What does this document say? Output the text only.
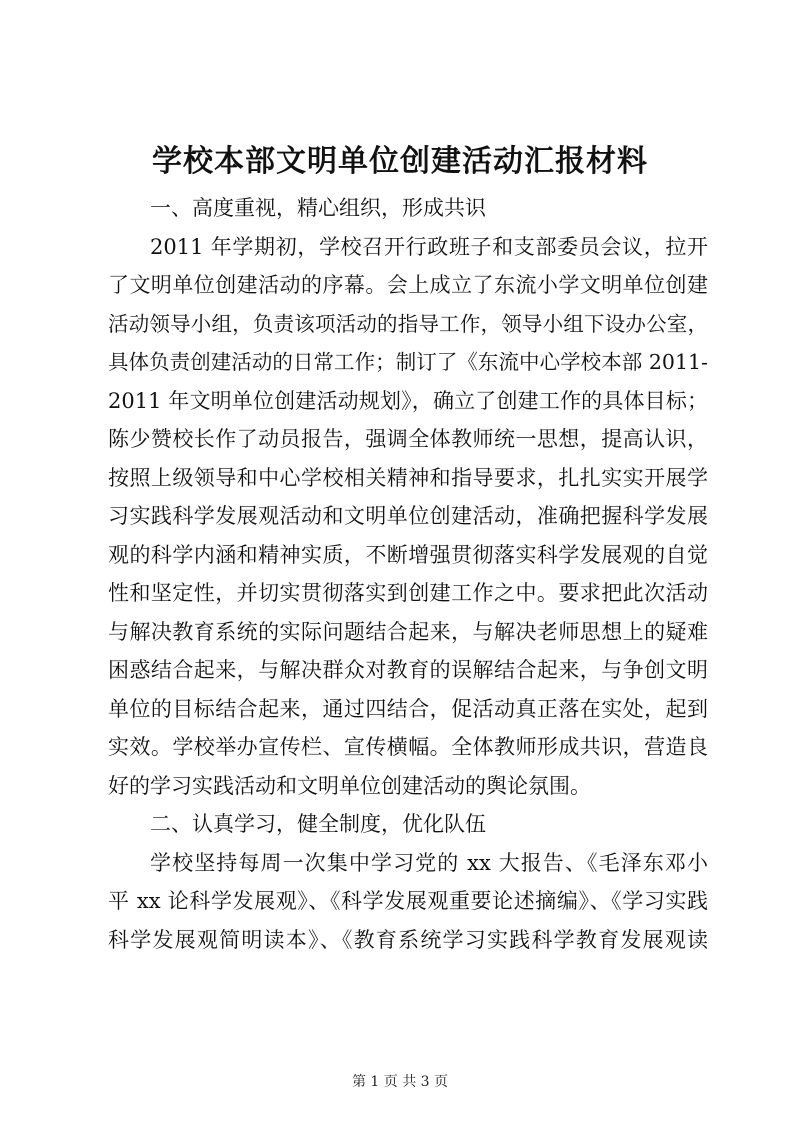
学校本部文明单位创建活动汇报材料
一、高度重视，精心组织，形成共识
2011 年学期初，学校召开行政班子和支部委员会议，拉开
了文明单位创建活动的序幕。会上成立了东流小学文明单位创建
活动领导小组，负责该项活动的指导工作，领导小组下设办公室，
具体负责创建活动的日常工作；制订了《东流中心学校本部 2011-
2011 年文明单位创建活动规划》，确立了创建工作的具体目标；
陈少赞校长作了动员报告，强调全体教师统一思想，提高认识，
按照上级领导和中心学校相关精神和指导要求，扎扎实实开展学
习实践科学发展观活动和文明单位创建活动，准确把握科学发展
观的科学内涵和精神实质，不断增强贯彻落实科学发展观的自觉
性和坚定性，并切实贯彻落实到创建工作之中。要求把此次活动
与解决教育系统的实际问题结合起来，与解决老师思想上的疑难
困惑结合起来，与解决群众对教育的误解结合起来，与争创文明
单位的目标结合起来，通过四结合，促活动真正落在实处，起到
实效。学校举办宣传栏、宣传横幅。全体教师形成共识，营造良
好的学习实践活动和文明单位创建活动的舆论氛围。
二、认真学习，健全制度，优化队伍
学校坚持每周一次集中学习党的 xx 大报告、《毛泽东邓小
平 xx 论科学发展观》、《科学发展观重要论述摘编》、《学习实践
科学发展观简明读本》、《教育系统学习实践科学教育发展观读
第 1 页 共 3 页
